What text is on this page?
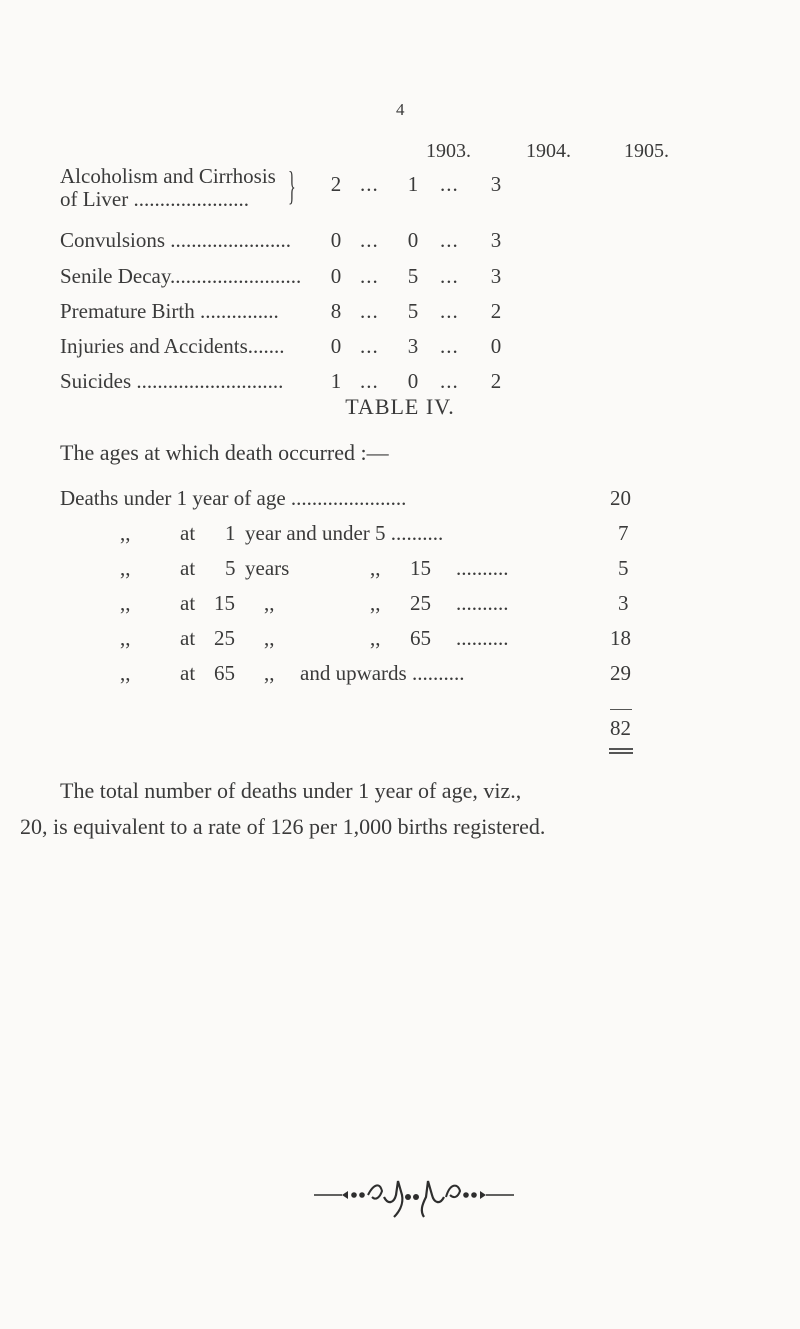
4
1903.	1904.	1905.
Alcoholism and Cirrhosis
of Liver ...................... }	2 ...	1	...	3
Convulsions .......................	0 ...	0	...	3
Senile Decay.........................	0 ...	5	...	3
Premature Birth ...............	8 ...	5	...	2
Injuries and Accidents.......	0 ...	3	...	0
Suicides ............................	1 ...	0	...	2
TABLE IV.
The ages at which death occurred :—
Deaths under 1 year of age ......................	20
,, at 1 year and under 5 ..........	7
,, at 5 years	,, 15 ..........	5
,, at 15 ,,	,, 25 ..........	3
,, at 25 ,,	,, 65 ..........	18
,, at 65 ,, and upwards ..........	29
82
The total number of deaths under 1 year of age, viz.,
20, is equivalent to a rate of 126 per 1,000 births registered.
